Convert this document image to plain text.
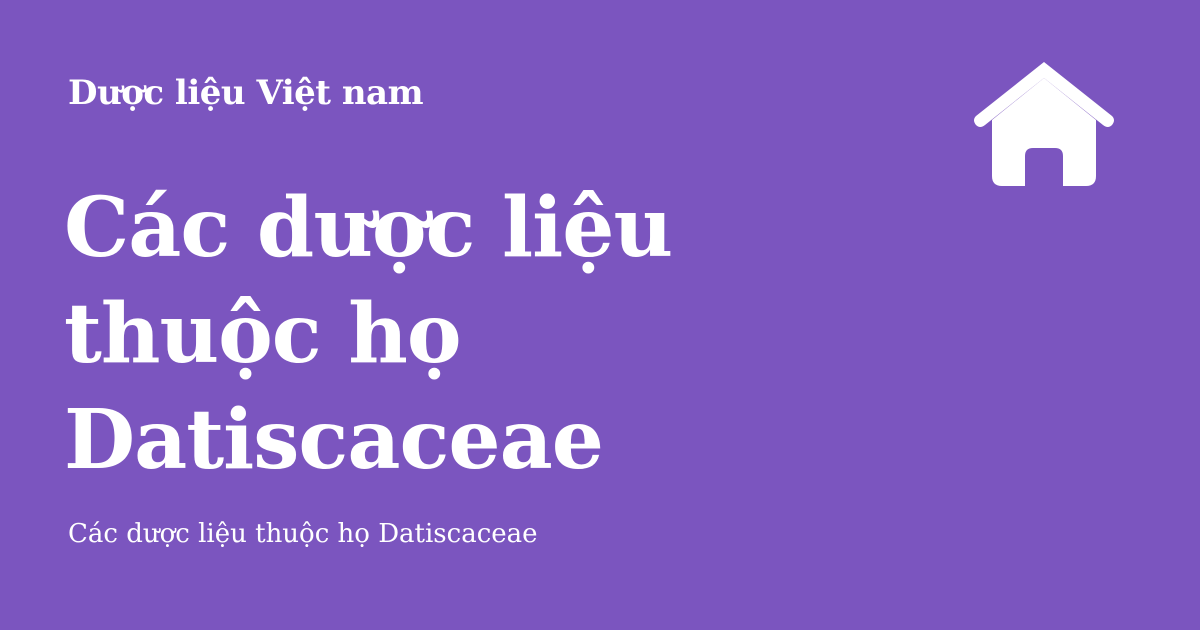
Dược liệu Việt nam
Các dược liệu
thuộc họ
Datiscaceae
Các dược liệu thuộc họ Datiscaceae
